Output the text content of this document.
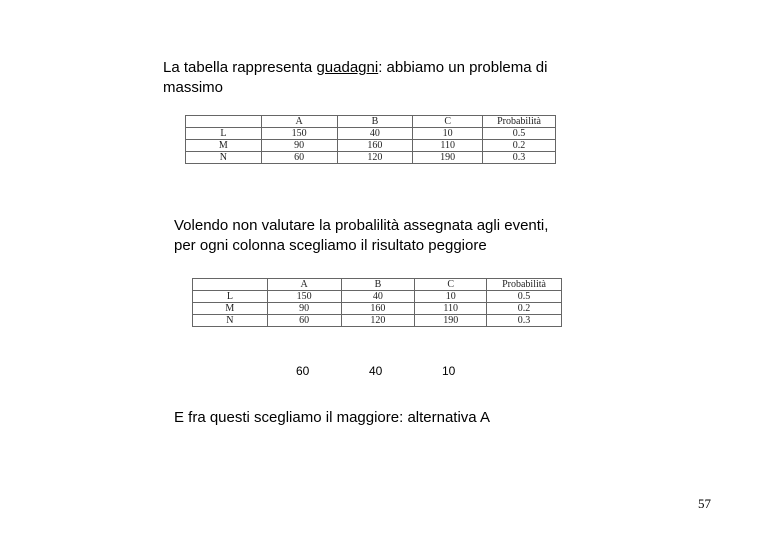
La tabella rappresenta guadagni: abbiamo un problema di
massimo
	A	B	C	Probabilità
L	150	40	10	0.5
M	90	160	110	0.2
N	60	120	190	0.3
Volendo non valutare la probalilità assegnata agli eventi,
per ogni colonna scegliamo il risultato peggiore
	A	B	C	Probabilità
L	150	40	10	0.5
M	90	160	110	0.2
N	60	120	190	0.3
60	40	10
E fra questi scegliamo il maggiore: alternativa A
57
